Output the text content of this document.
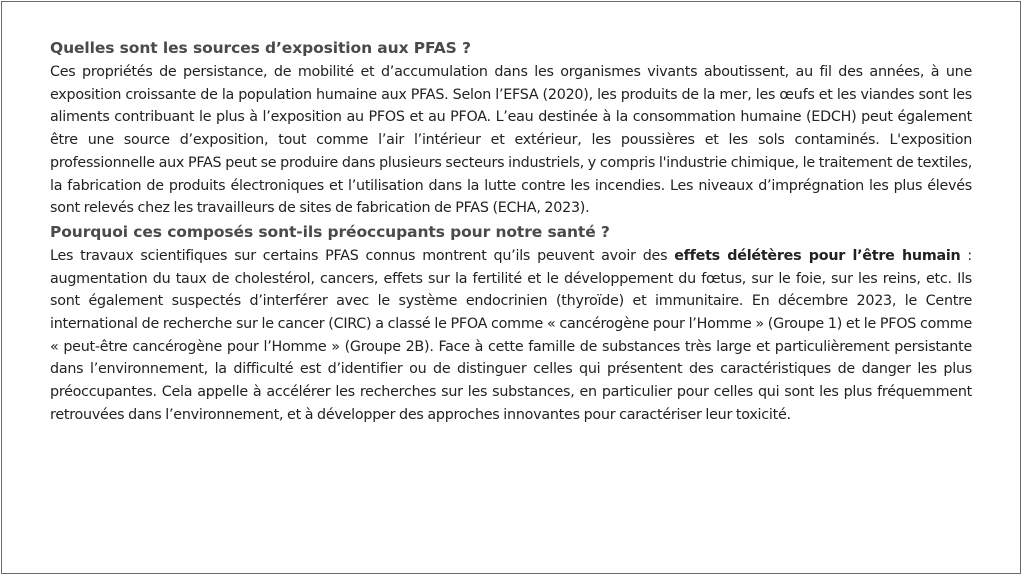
Quelles sont les sources d’exposition aux PFAS ?

Ces propriétés de persistance, de mobilité et d’accumulation dans les organismes vivants aboutissent, au fil des années, à une exposition croissante de la population humaine aux PFAS. Selon l’EFSA (2020), les produits de la mer, les œufs et les viandes sont les aliments contribuant le plus à l’exposition au PFOS et au PFOA. L’eau destinée à la consommation humaine (EDCH) peut également être une source d’exposition, tout comme l’air l’intérieur et extérieur, les poussières et les sols contaminés. L'exposition professionnelle aux PFAS peut se produire dans plusieurs secteurs industriels, y compris l'industrie chimique, le traitement de textiles, la fabrication de produits électroniques et l’utilisation dans la lutte contre les incendies. Les niveaux d’imprégnation les plus élevés sont relevés chez les travailleurs de sites de fabrication de PFAS (ECHA, 2023).

Pourquoi ces composés sont-ils préoccupants pour notre santé ?

Les travaux scientifiques sur certains PFAS connus montrent qu’ils peuvent avoir des effets délétères pour l’être humain : augmentation du taux de cholestérol, cancers, effets sur la fertilité et le développement du fœtus, sur le foie, sur les reins, etc. Ils sont également suspectés d’interférer avec le système endocrinien (thyroïde) et immunitaire. En décembre 2023, le Centre international de recherche sur le cancer (CIRC) a classé le PFOA comme « cancérogène pour l’Homme » (Groupe 1) et le PFOS comme « peut-être cancérogène pour l’Homme » (Groupe 2B). Face à cette famille de substances très large et particulièrement persistante dans l’environnement, la difficulté est d’identifier ou de distinguer celles qui présentent des caractéristiques de danger les plus préoccupantes. Cela appelle à accélérer les recherches sur les substances, en particulier pour celles qui sont les plus fréquemment retrouvées dans l’environnement, et à développer des approches innovantes pour caractériser leur toxicité.
